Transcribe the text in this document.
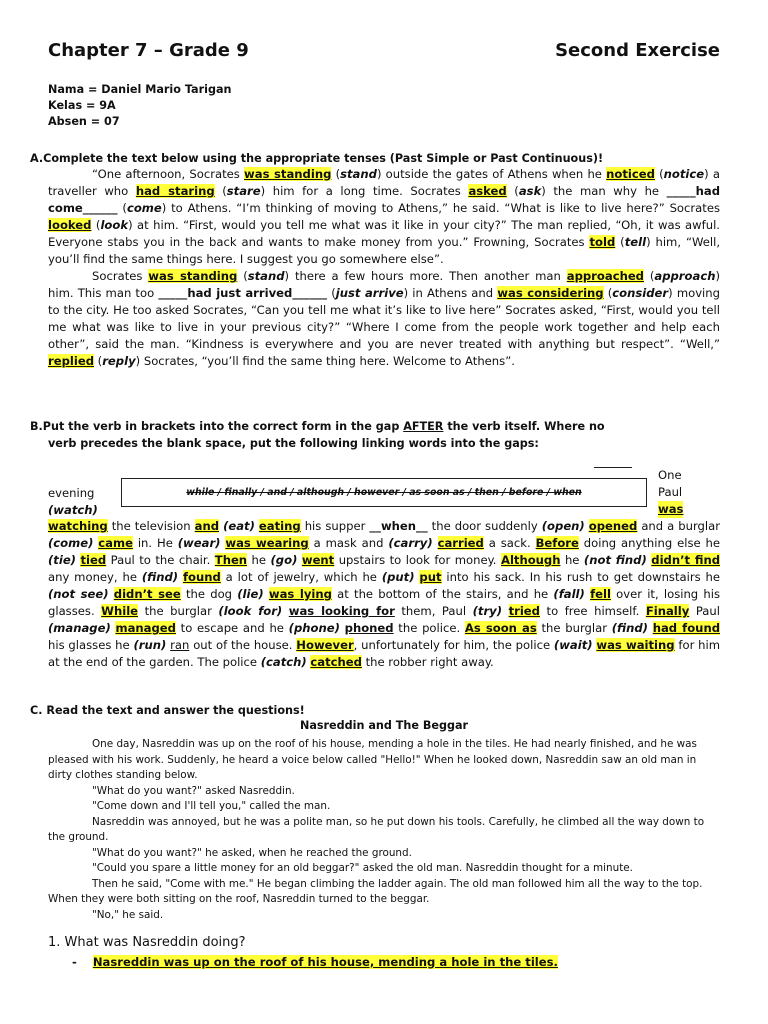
Chapter 7 – Grade 9	Second Exercise
Nama = Daniel Mario Tarigan
Kelas = 9A
Absen = 07
A.Complete the text below using the appropriate tenses (Past Simple or Past Continuous)!

“One afternoon, Socrates was standing (stand) outside the gates of Athens when he noticed (notice) a traveller who had staring (stare) him for a long time. Socrates asked (ask) the man why he _____had come______ (come) to Athens. “I’m thinking of moving to Athens,” he said. “What is like to live here?” Socrates looked (look) at him. “First, would you tell me what was it like in your city?” The man replied, “Oh, it was awful. Everyone stabs you in the back and wants to make money from you.” Frowning, Socrates told (tell) him, “Well, you’ll find the same things here. I suggest you go somewhere else”.

Socrates was standing (stand) there a few hours more. Then another man approached (approach) him. This man too _____had just arrived______ (just arrive) in Athens and was considering (consider) moving to the city. He too asked Socrates, “Can you tell me what it’s like to live here” Socrates asked, “First, would you tell me what was like to live in your previous city?” “Where I come from the people work together and help each other”, said the man. “Kindness is everywhere and you are never treated with anything but respect”. “Well,” replied (reply) Socrates, “you’ll find the same thing here. Welcome to Athens”.

B.Put the verb in brackets into the correct form in the gap AFTER the verb itself. Where no
verb precedes the blank space, put the following linking words into the gaps:
One
while / finally / and / although / however / as soon as / then / before / when
evening	Paul
(watch)	was
watching the television and (eat) eating his supper __when__ the door suddenly (open) opened and a burglar (come) came in. He (wear) was wearing a mask and (carry) carried a sack. Before doing anything else he (tie) tied Paul to the chair. Then he (go) went upstairs to look for money. Although he (not find) didn’t find any money, he (find) found a lot of jewelry, which he (put) put into his sack. In his rush to get downstairs he (not see) didn’t see the dog (lie) was lying at the bottom of the stairs, and he (fall) fell over it, losing his glasses. While the burglar (look for) was looking for them, Paul (try) tried to free himself. Finally Paul (manage) managed to escape and he (phone) phoned the police. As soon as the burglar (find) had found his glasses he (run) ran out of the house. However, unfortunately for him, the police (wait) was waiting for him at the end of the garden. The police (catch) catched the robber right away.
C. Read the text and answer the questions!
Nasreddin and The Beggar

One day, Nasreddin was up on the roof of his house, mending a hole in the tiles. He had nearly finished, and he was pleased with his work. Suddenly, he heard a voice below called "Hello!" When he looked down, Nasreddin saw an old man in dirty clothes standing below.

"What do you want?" asked Nasreddin.

"Come down and I'll tell you," called the man.

Nasreddin was annoyed, but he was a polite man, so he put down his tools. Carefully, he climbed all the way down to the ground.

"What do you want?" he asked, when he reached the ground.

"Could you spare a little money for an old beggar?" asked the old man. Nasreddin thought for a minute.

Then he said, "Come with me." He began climbing the ladder again. The old man followed him all the way to the top. When they were both sitting on the roof, Nasreddin turned to the beggar.

"No," he said.

1. What was Nasreddin doing?
- Nasreddin was up on the roof of his house, mending a hole in the tiles.
